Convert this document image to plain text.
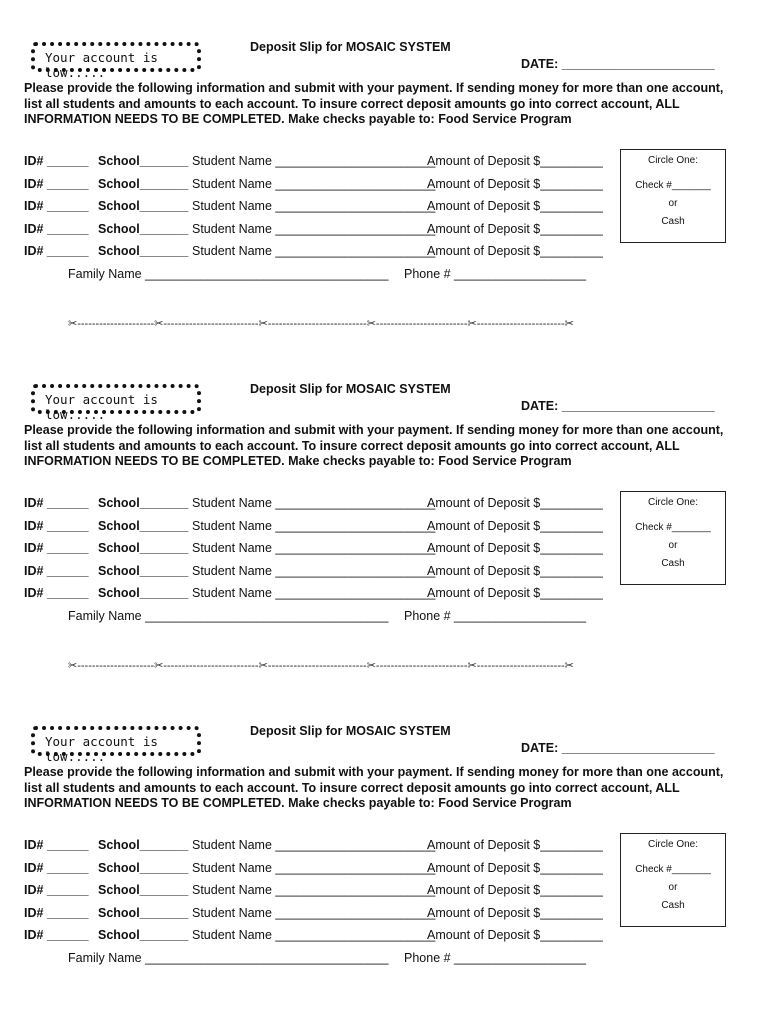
Your account is low.....
Deposit Slip for MOSAIC SYSTEM
DATE: ______________________
Please provide the following information and submit with your payment. If sending money for more than one account,
list all students and amounts to each account. To insure correct deposit amounts go into correct account, ALL
INFORMATION NEEDS TO BE COMPLETED. Make checks payable to: Food Service Program

ID# ______

School_______

Student Name _______________________

Amount of Deposit $_________

ID# ______

School_______

Student Name _______________________

Amount of Deposit $_________

ID# ______

School_______

Student Name _______________________

Amount of Deposit $_________

ID# ______

School_______

Student Name _______________________

Amount of Deposit $_________

ID# ______

School_______

Student Name _______________________

Amount of Deposit $_________

Family Name ___________________________________

Phone # ___________________

Circle One:
Check #_______
or
Cash
✂---------------------✂--------------------------✂---------------------------✂-------------------------✂------------------------✂
Your account is low.....
Deposit Slip for MOSAIC SYSTEM
DATE: ______________________
Please provide the following information and submit with your payment. If sending money for more than one account,
list all students and amounts to each account. To insure correct deposit amounts go into correct account, ALL
INFORMATION NEEDS TO BE COMPLETED. Make checks payable to: Food Service Program

ID# ______

School_______

Student Name _______________________

Amount of Deposit $_________

ID# ______

School_______

Student Name _______________________

Amount of Deposit $_________

ID# ______

School_______

Student Name _______________________

Amount of Deposit $_________

ID# ______

School_______

Student Name _______________________

Amount of Deposit $_________

ID# ______

School_______

Student Name _______________________

Amount of Deposit $_________

Family Name ___________________________________

Phone # ___________________

Circle One:
Check #_______
or
Cash
✂---------------------✂--------------------------✂---------------------------✂-------------------------✂------------------------✂
Your account is low.....
Deposit Slip for MOSAIC SYSTEM
DATE: ______________________
Please provide the following information and submit with your payment. If sending money for more than one account,
list all students and amounts to each account. To insure correct deposit amounts go into correct account, ALL
INFORMATION NEEDS TO BE COMPLETED. Make checks payable to: Food Service Program

ID# ______

School_______

Student Name _______________________

Amount of Deposit $_________

ID# ______

School_______

Student Name _______________________

Amount of Deposit $_________

ID# ______

School_______

Student Name _______________________

Amount of Deposit $_________

ID# ______

School_______

Student Name _______________________

Amount of Deposit $_________

ID# ______

School_______

Student Name _______________________

Amount of Deposit $_________

Family Name ___________________________________

Phone # ___________________

Circle One:
Check #_______
or
Cash
